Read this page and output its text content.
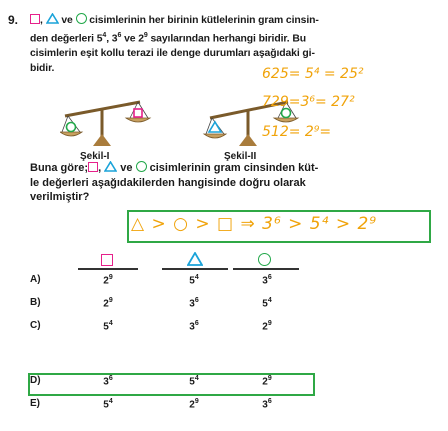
9.	,  ve  cisimlerinin her birinin kütlelerinin gram cinsin-
den değerleri $5^4$, $3^6$ ve $2^9$ sayılarından herhangi biridir. Bu
cisimlerin eşit kollu terazi ile denge durumları aşağıdaki gi-
bidir.
Şekil-I	Şekil-II
625= 5⁴ = 25²
729=3⁶= 27²
512= 2⁹=
Buna göre; ,  ve  cisimlerinin gram cinsinden küt-
le değerleri aşağıdakilerden hangisinde doğru olarak
verilmiştir?
△ > ○ > □ ⇒ 3⁶ > 5⁴ > 2⁹
A)	$2^9$	$5^4$	$3^6$
B)	$2^9$	$3^6$	$5^4$
C)	$5^4$	$3^6$	$2^9$
D)	$3^6$	$5^4$	$2^9$
E)	$5^4$	$2^9$	$3^6$
